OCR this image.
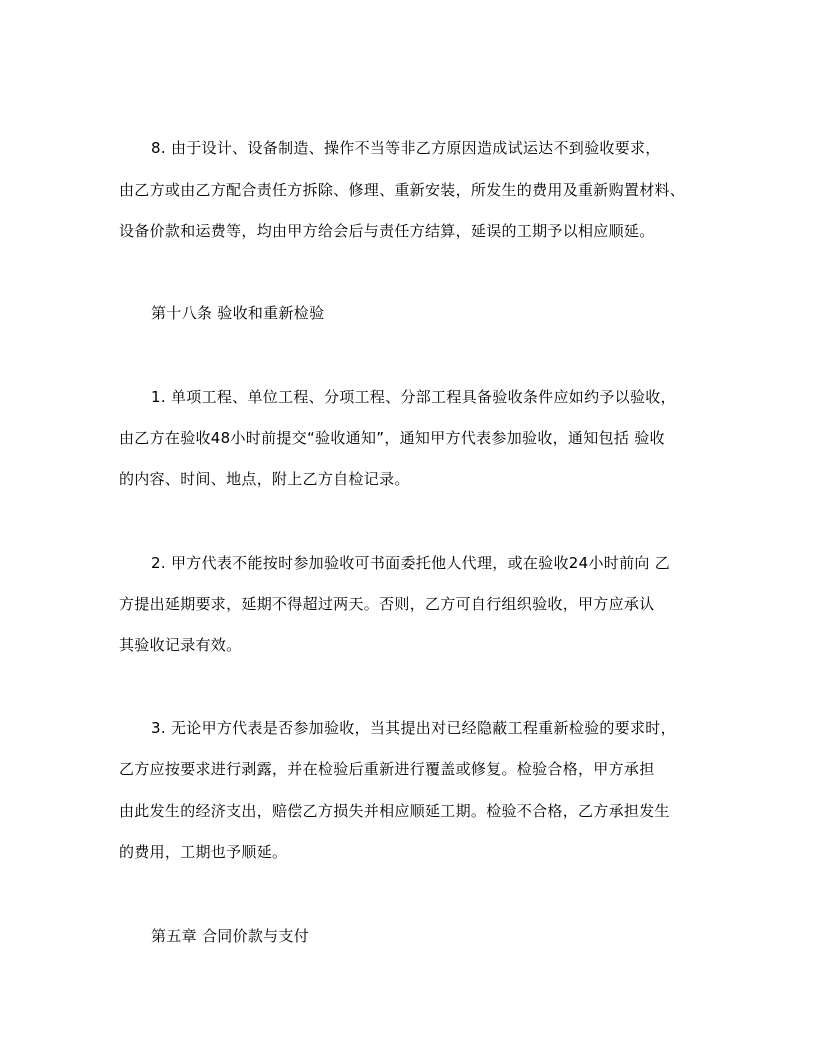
8. 由于设计、设备制造、操作不当等非乙方原因造成试运达不到验收要求，
由乙方或由乙方配合责任方拆除、修理、重新安装，所发生的费用及重新购置材料、
设备价款和运费等，均由甲方给会后与责任方结算，延误的工期予以相应顺延。
第十八条 验收和重新检验
1. 单项工程、单位工程、分项工程、分部工程具备验收条件应如约予以验收，
由乙方在验收48小时前提交“验收通知”，通知甲方代表参加验收，通知包括 验收
的内容、时间、地点，附上乙方自检记录。
2. 甲方代表不能按时参加验收可书面委托他人代理，或在验收24小时前向 乙
方提出延期要求，延期不得超过两天。否则，乙方可自行组织验收，甲方应承认
其验收记录有效。
3. 无论甲方代表是否参加验收，当其提出对已经隐蔽工程重新检验的要求时，
乙方应按要求进行剥露，并在检验后重新进行覆盖或修复。检验合格，甲方承担
由此发生的经济支出，赔偿乙方损失并相应顺延工期。检验不合格，乙方承担发生
的费用，工期也予顺延。
第五章 合同价款与支付
